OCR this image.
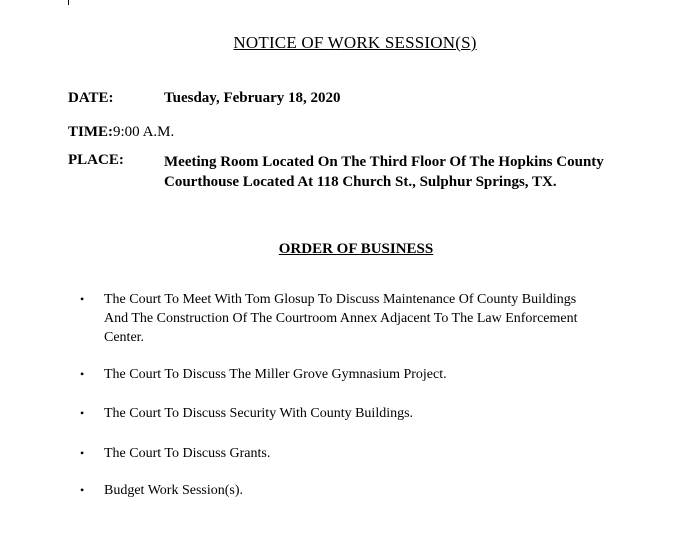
NOTICE OF WORK SESSION(S)
DATE:	Tuesday, February 18, 2020
TIME:9:00 A.M.
PLACE:	Meeting Room Located On The Third Floor Of The Hopkins County
Courthouse Located At 118 Church St., Sulphur Springs, TX.
ORDER OF BUSINESS
•	The Court To Meet With Tom Glosup To Discuss Maintenance Of County Buildings
And The Construction Of The Courtroom Annex Adjacent To The Law Enforcement
Center.
•	The Court To Discuss The Miller Grove Gymnasium Project.
•	The Court To Discuss Security With County Buildings.
•	The Court To Discuss Grants.
•	Budget Work Session(s).
